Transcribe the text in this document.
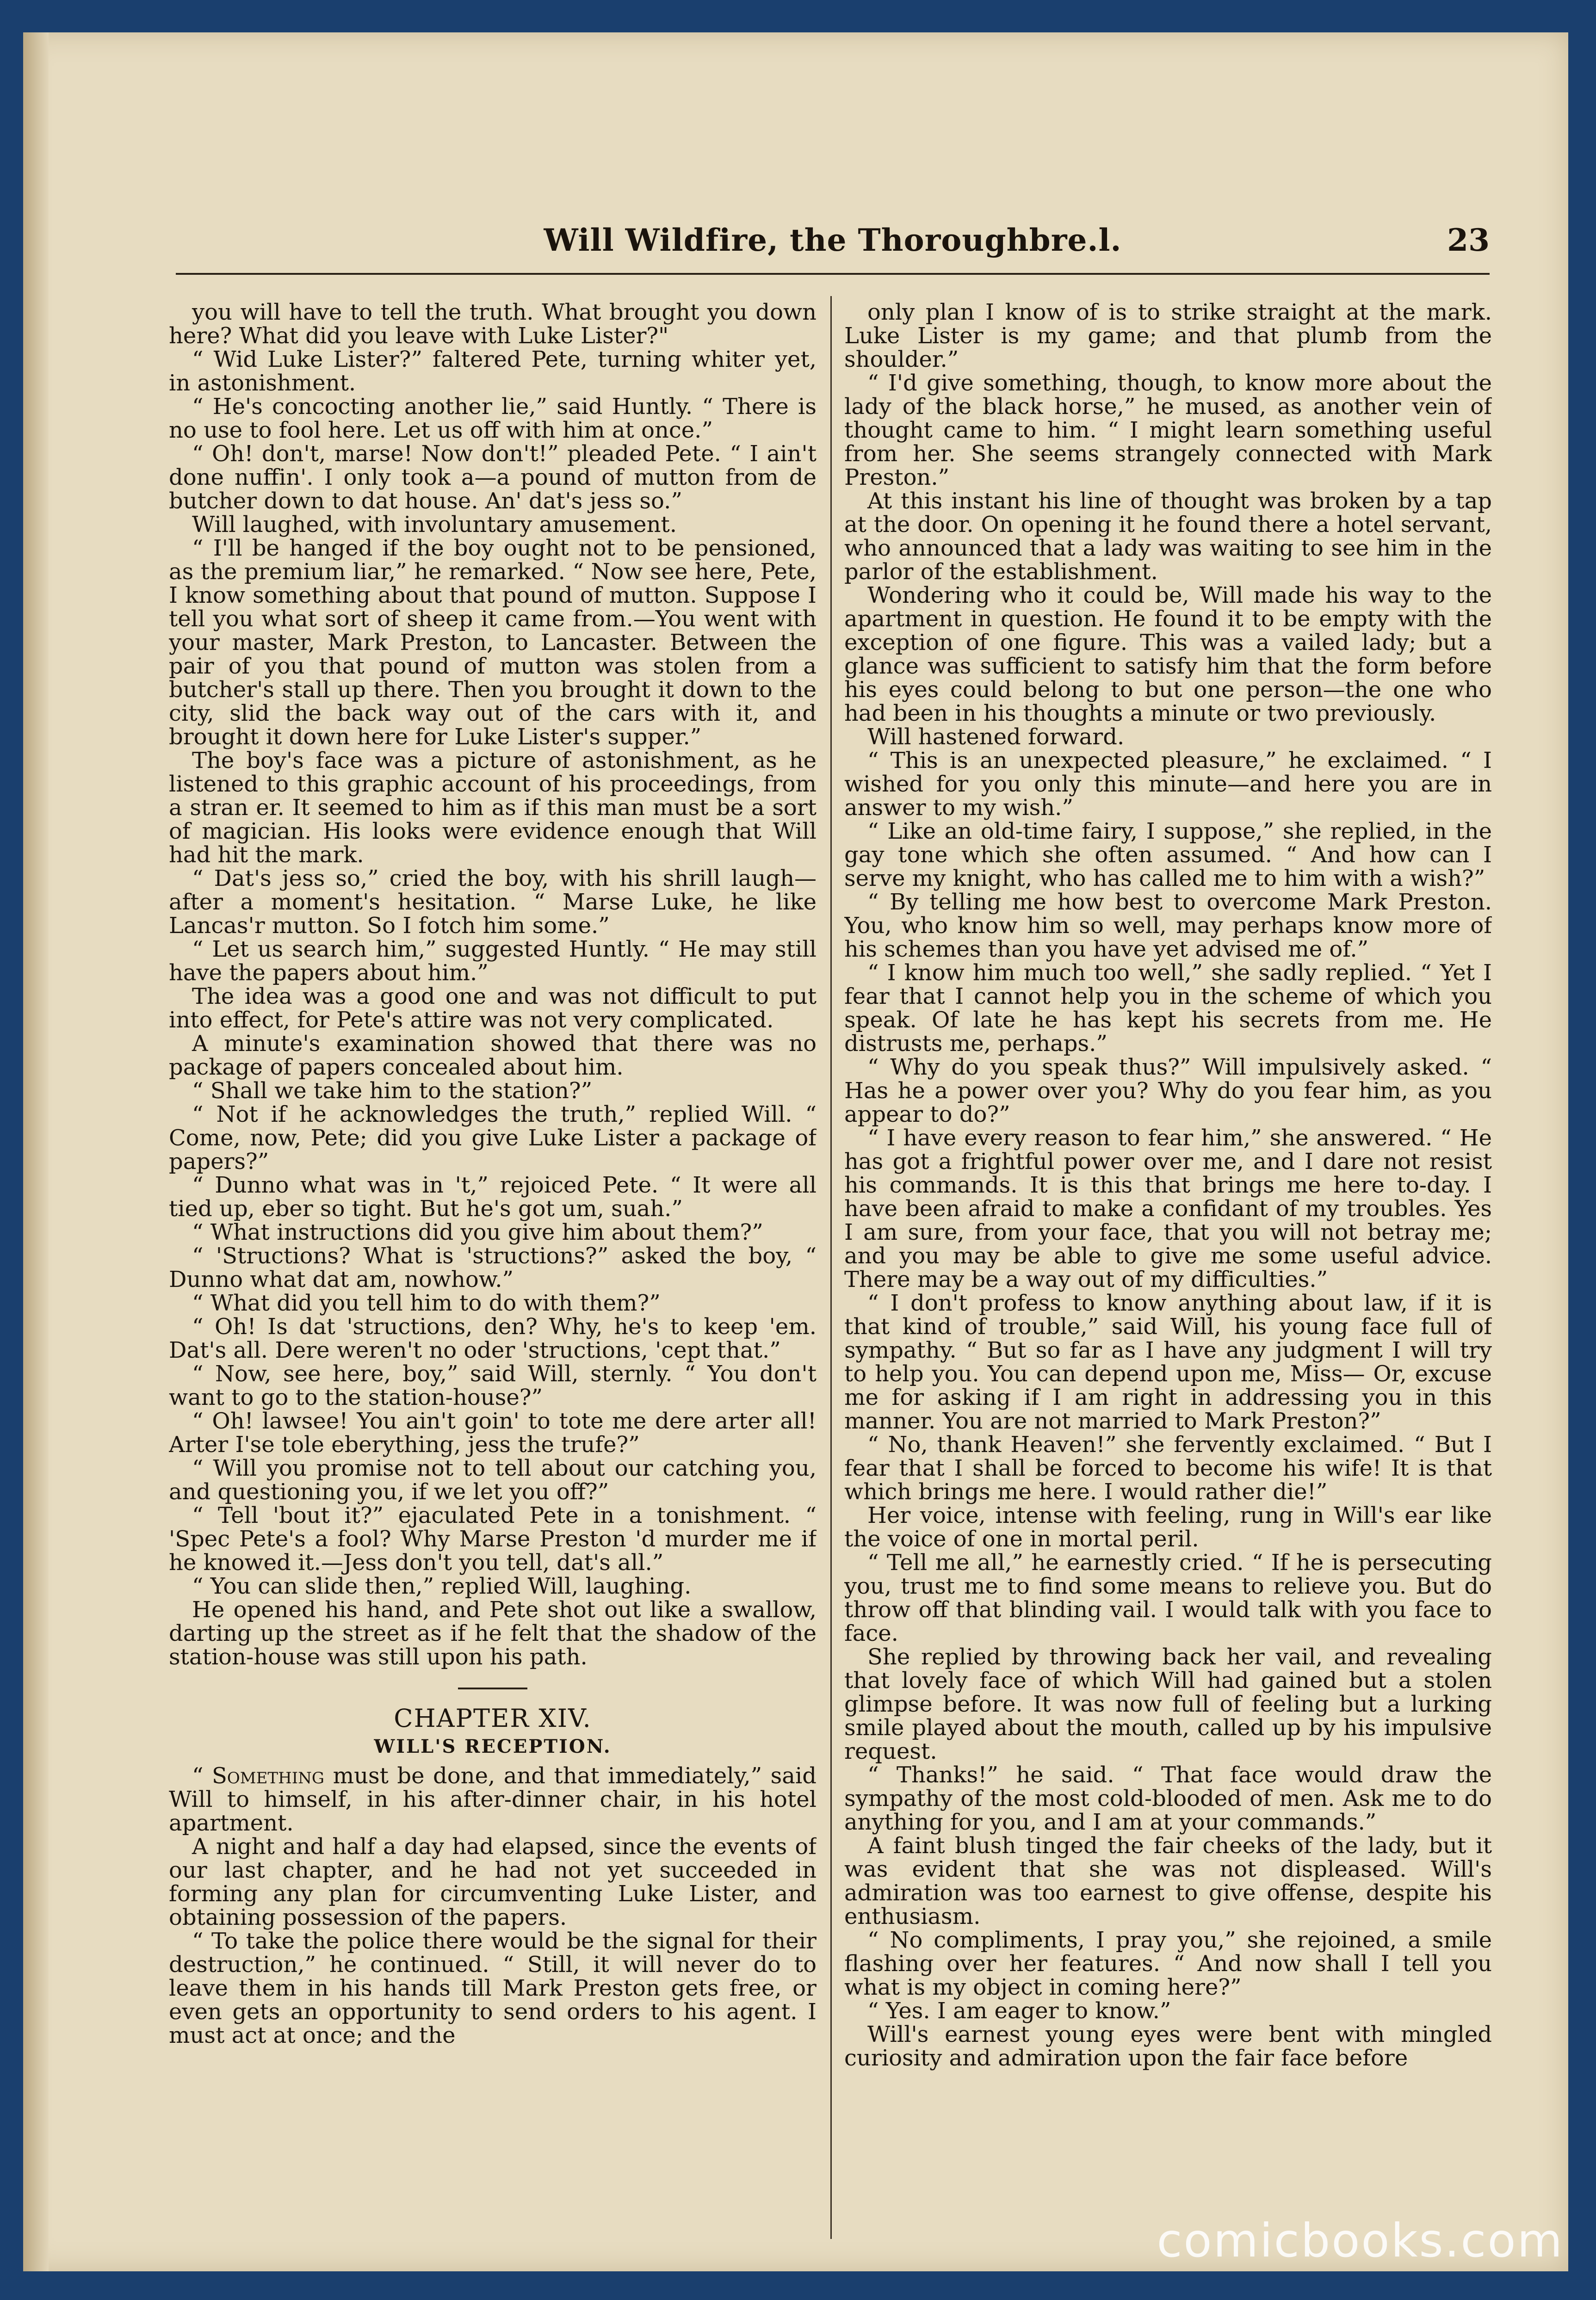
Will Wildfire, the Thoroughbre.l.	23

you will have to tell the truth. What brought you down here? What did you leave with Luke Lister?"

“ Wid Luke Lister?” faltered Pete, turning whiter yet, in astonishment.

“ He's concocting another lie,” said Huntly. “ There is no use to fool here. Let us off with him at once.”

“ Oh! don't, marse! Now don't!” pleaded Pete. “ I ain't done nuffin'. I only took a—a pound of mutton from de butcher down to dat house. An' dat's jess so.”

Will laughed, with involuntary amusement.

“ I'll be hanged if the boy ought not to be pensioned, as the premium liar,” he remarked. “ Now see here, Pete, I know something about that pound of mutton. Suppose I tell you what sort of sheep it came from.—You went with your master, Mark Preston, to Lancaster. Between the pair of you that pound of mutton was stolen from a butcher's stall up there. Then you brought it down to the city, slid the back way out of the cars with it, and brought it down here for Luke Lister's supper.”

The boy's face was a picture of astonishment, as he listened to this graphic account of his proceedings, from a stran er. It seemed to him as if this man must be a sort of magician. His looks were evidence enough that Will had hit the mark.

“ Dat's jess so,” cried the boy, with his shrill laugh—after a moment's hesitation. “ Marse Luke, he like Lancas'r mutton. So I fotch him some.”

“ Let us search him,” suggested Huntly. “ He may still have the papers about him.”

The idea was a good one and was not difficult to put into effect, for Pete's attire was not very complicated.

A minute's examination showed that there was no package of papers concealed about him.

“ Shall we take him to the station?”

“ Not if he acknowledges the truth,” replied Will. “ Come, now, Pete; did you give Luke Lister a package of papers?”

“ Dunno what was in 't,” rejoiced Pete. “ It were all tied up, eber so tight. But he's got um, suah.”

“ What instructions did you give him about them?”

“ 'Structions? What is 'structions?” asked the boy, “ Dunno what dat am, nowhow.”

“ What did you tell him to do with them?”

“ Oh! Is dat 'structions, den? Why, he's to keep 'em. Dat's all. Dere weren't no oder 'structions, 'cept that.”

“ Now, see here, boy,” said Will, sternly. “ You don't want to go to the station-house?”

“ Oh! lawsee! You ain't goin' to tote me dere arter all! Arter I'se tole eberything, jess the trufe?”

“ Will you promise not to tell about our catching you, and questioning you, if we let you off?”

“ Tell 'bout it?” ejaculated Pete in a tonishment. “ 'Spec Pete's a fool? Why Marse Preston 'd murder me if he knowed it.—Jess don't you tell, dat's all.”

“ You can slide then,” replied Will, laughing.

He opened his hand, and Pete shot out like a swallow, darting up the street as if he felt that the shadow of the station-house was still upon his path.

CHAPTER XIV.
WILL'S RECEPTION.

“ Something must be done, and that immediately,” said Will to himself, in his after-dinner chair, in his hotel apartment.

A night and half a day had elapsed, since the events of our last chapter, and he had not yet succeeded in forming any plan for circumventing Luke Lister, and obtaining possession of the papers.

“ To take the police there would be the signal for their destruction,” he continued. “ Still, it will never do to leave them in his hands till Mark Preston gets free, or even gets an opportunity to send orders to his agent. I must act at once; and the

only plan I know of is to strike straight at the mark. Luke Lister is my game; and that plumb from the shoulder.”

“ I'd give something, though, to know more about the lady of the black horse,” he mused, as another vein of thought came to him. “ I might learn something useful from her. She seems strangely connected with Mark Preston.”

At this instant his line of thought was broken by a tap at the door. On opening it he found there a hotel servant, who announced that a lady was waiting to see him in the parlor of the establishment.

Wondering who it could be, Will made his way to the apartment in question. He found it to be empty with the exception of one figure. This was a vailed lady; but a glance was sufficient to satisfy him that the form before his eyes could belong to but one person—the one who had been in his thoughts a minute or two previously.

Will hastened forward.

“ This is an unexpected pleasure,” he exclaimed. “ I wished for you only this minute—and here you are in answer to my wish.”

“ Like an old-time fairy, I suppose,” she replied, in the gay tone which she often assumed. “ And how can I serve my knight, who has called me to him with a wish?”

“ By telling me how best to overcome Mark Preston. You, who know him so well, may perhaps know more of his schemes than you have yet advised me of.”

“ I know him much too well,” she sadly replied. “ Yet I fear that I cannot help you in the scheme of which you speak. Of late he has kept his secrets from me. He distrusts me, perhaps.”

“ Why do you speak thus?” Will impulsively asked. “ Has he a power over you? Why do you fear him, as you appear to do?”

“ I have every reason to fear him,” she answered. “ He has got a frightful power over me, and I dare not resist his commands. It is this that brings me here to-day. I have been afraid to make a confidant of my troubles. Yes I am sure, from your face, that you will not betray me; and you may be able to give me some useful advice. There may be a way out of my difficulties.”

“ I don't profess to know anything about law, if it is that kind of trouble,” said Will, his young face full of sympathy. “ But so far as I have any judgment I will try to help you. You can depend upon me, Miss— Or, excuse me for asking if I am right in addressing you in this manner. You are not married to Mark Preston?”

“ No, thank Heaven!” she fervently exclaimed. “ But I fear that I shall be forced to become his wife! It is that which brings me here. I would rather die!”

Her voice, intense with feeling, rung in Will's ear like the voice of one in mortal peril.

“ Tell me all,” he earnestly cried. “ If he is persecuting you, trust me to find some means to relieve you. But do throw off that blinding vail. I would talk with you face to face.

She replied by throwing back her vail, and revealing that lovely face of which Will had gained but a stolen glimpse before. It was now full of feeling but a lurking smile played about the mouth, called up by his impulsive request.

“ Thanks!” he said. “ That face would draw the sympathy of the most cold-blooded of men. Ask me to do anything for you, and I am at your commands.”

A faint blush tinged the fair cheeks of the lady, but it was evident that she was not displeased. Will's admiration was too earnest to give offense, despite his enthusiasm.

“ No compliments, I pray you,” she rejoined, a smile flashing over her features. “ And now shall I tell you what is my object in coming here?”

“ Yes. I am eager to know.”

Will's earnest young eyes were bent with mingled curiosity and admiration upon the fair face before

comicbooks.com
